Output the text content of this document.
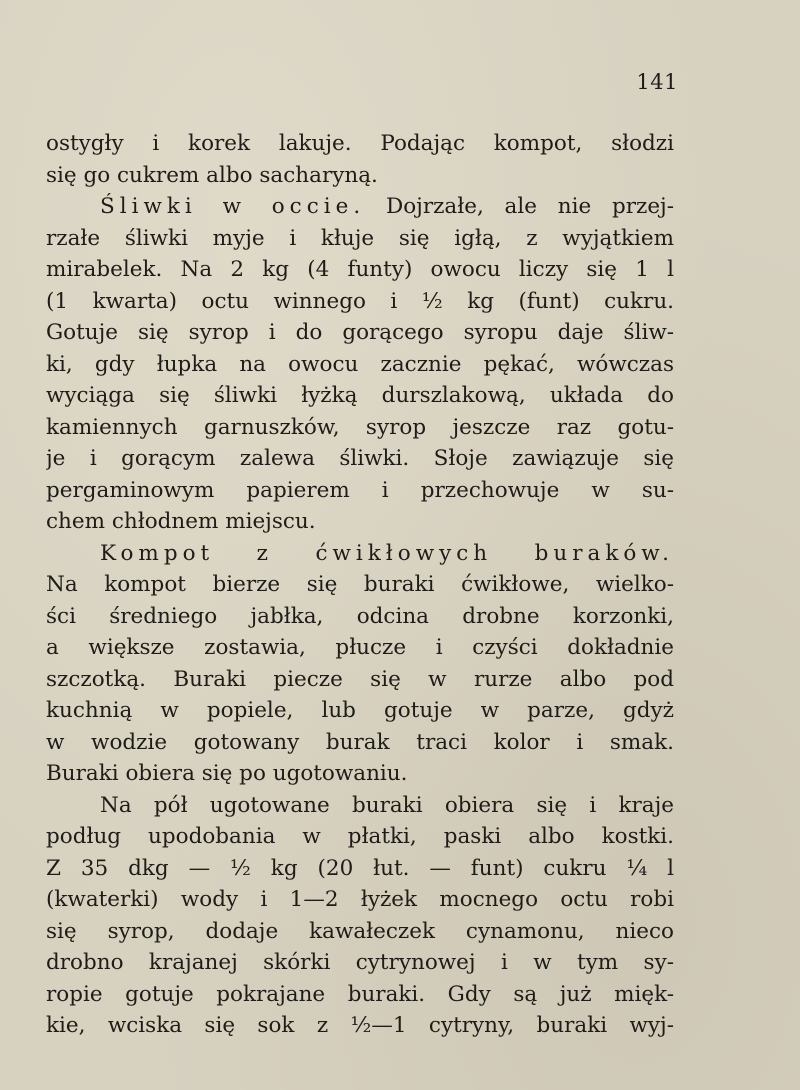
141
ostygły i korek lakuje. Podając kompot, słodzi
się go cukrem albo sacharyną.
Śliwki w occie. Dojrzałe, ale nie przej-
rzałe śliwki myje i kłuje się igłą, z wyjątkiem
mirabelek. Na 2 kg (4 funty) owocu liczy się 1 l
(1 kwarta) octu winnego i ½ kg (funt) cukru.
Gotuje się syrop i do gorącego syropu daje śliw-
ki, gdy łupka na owocu zacznie pękać, wówczas
wyciąga się śliwki łyżką durszlakową, układa do
kamiennych garnuszków, syrop jeszcze raz gotu-
je i gorącym zalewa śliwki. Słoje zawiązuje się
pergaminowym papierem i przechowuje w su-
chem chłodnem miejscu.
Kompot z ćwikłowych buraków.
Na kompot bierze się buraki ćwikłowe, wielko-
ści średniego jabłka, odcina drobne korzonki,
a większe zostawia, płucze i czyści dokładnie
szczotką. Buraki piecze się w rurze albo pod
kuchnią w popiele, lub gotuje w parze, gdyż
w wodzie gotowany burak traci kolor i smak.
Buraki obiera się po ugotowaniu.
Na pół ugotowane buraki obiera się i kraje
podług upodobania w płatki, paski albo kostki.
Z 35 dkg — ½ kg (20 łut. — funt) cukru ¼ l
(kwaterki) wody i 1—2 łyżek mocnego octu robi
się syrop, dodaje kawałeczek cynamonu, nieco
drobno krajanej skórki cytrynowej i w tym sy-
ropie gotuje pokrajane buraki. Gdy są już mięk-
kie, wciska się sok z ½—1 cytryny, buraki wyj-
